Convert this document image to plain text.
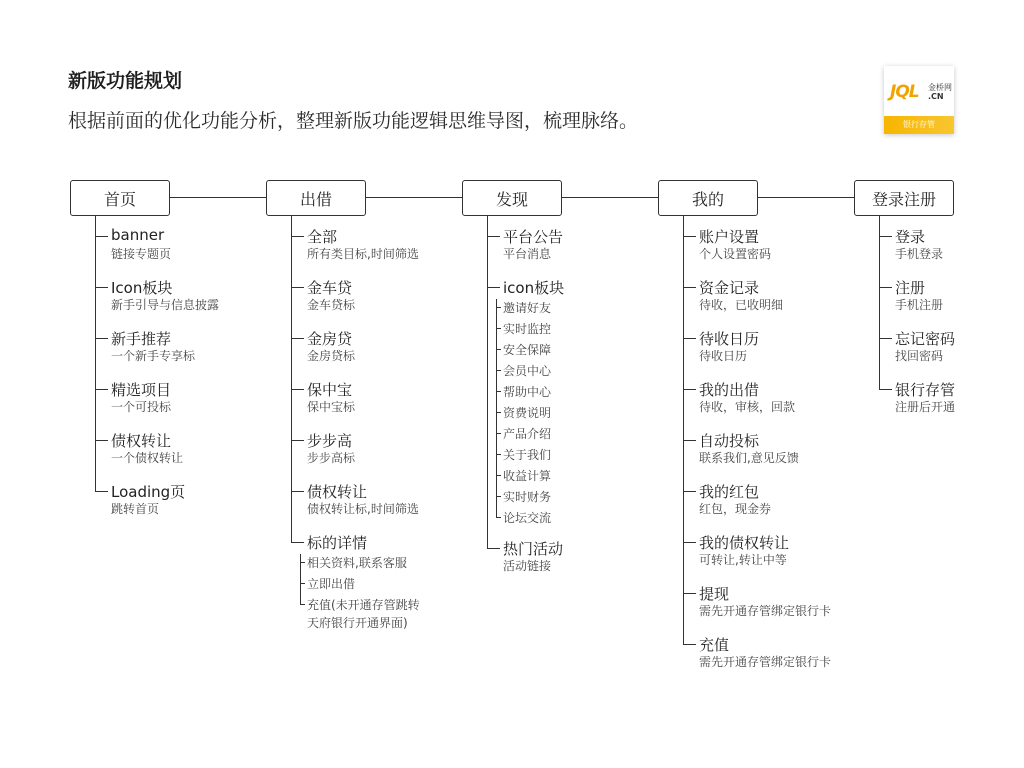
新版功能规划
根据前面的优化功能分析，整理新版功能逻辑思维导图，梳理脉络。
JQL 金桥网
.CN
银行存管
首页
banner
链接专题页
Icon板块
新手引导与信息披露
新手推荐
一个新手专享标
精选项目
一个可投标
债权转让
一个债权转让
Loading页
跳转首页
出借
全部
所有类目标,时间筛选
金车贷
金车贷标
金房贷
金房贷标
保中宝
保中宝标
步步高
步步高标
债权转让
债权转让标,时间筛选
标的详情
相关资料,联系客服
立即出借
充值(未开通存管跳转
天府银行开通界面)
发现
平台公告
平台消息
icon板块
邀请好友
实时监控
安全保障
会员中心
帮助中心
资费说明
产品介绍
关于我们
收益计算
实时财务
论坛交流
热门活动
活动链接
我的
账户设置
个人设置密码
资金记录
待收，已收明细
待收日历
待收日历
我的出借
待收，审核，回款
自动投标
联系我们,意见反馈
我的红包
红包，现金券
我的债权转让
可转让,转让中等
提现
需先开通存管绑定银行卡
充值
需先开通存管绑定银行卡
登录注册
登录
手机登录
注册
手机注册
忘记密码
找回密码
银行存管
注册后开通
